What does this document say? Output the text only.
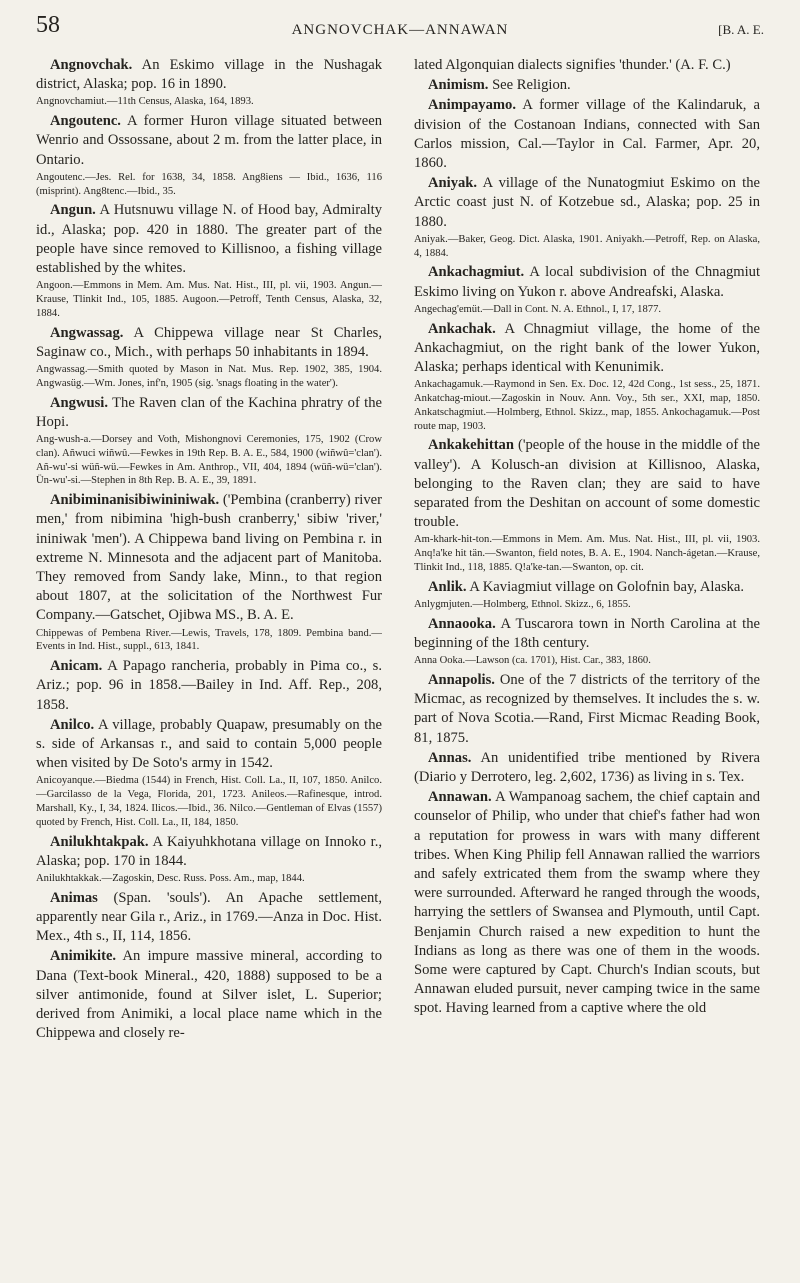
58	ANGNOVCHAK—ANNAWAN	[B. A. E.

Angnovchak. An Eskimo village in the Nushagak district, Alaska; pop. 16 in 1890.

Angnovchamiut.—11th Census, Alaska, 164, 1893.

Angoutenc. A former Huron village situated between Wenrio and Ossossane, about 2 m. from the latter place, in Ontario.

Angoutenc.—Jes. Rel. for 1638, 34, 1858. Ang8iens — Ibid., 1636, 116 (misprint). Ang8tenc.—Ibid., 35.

Angun. A Hutsnuwu village N. of Hood bay, Admiralty id., Alaska; pop. 420 in 1880. The greater part of the people have since removed to Killisnoo, a fishing village established by the whites.

Angoon.—Emmons in Mem. Am. Mus. Nat. Hist., III, pl. vii, 1903. Angun.—Krause, Tlinkit Ind., 105, 1885. Augoon.—Petroff, Tenth Census, Alaska, 32, 1884.

Angwassag. A Chippewa village near St Charles, Saginaw co., Mich., with perhaps 50 inhabitants in 1894.

Angwassag.—Smith quoted by Mason in Nat. Mus. Rep. 1902, 385, 1904. Angwasüg.—Wm. Jones, inf'n, 1905 (sig. 'snags floating in the water').

Angwusi. The Raven clan of the Kachina phratry of the Hopi.

Ang-wush-a.—Dorsey and Voth, Mishongnovi Ceremonies, 175, 1902 (Crow clan). Añwuci wiñwû.—Fewkes in 19th Rep. B. A. E., 584, 1900 (wiñwû='clan'). Añ-wu'-si wüñ-wü.—Fewkes in Am. Anthrop., VII, 404, 1894 (wüñ-wü='clan'). Ün-wu'-si.—Stephen in 8th Rep. B. A. E., 39, 1891.

Anibiminanisibiwininiwak. ('Pembina (cranberry) river men,' from nibimina 'high-bush cranberry,' sibiw 'river,' ininiwak 'men'). A Chippewa band living on Pembina r. in extreme N. Minnesota and the adjacent part of Manitoba. They removed from Sandy lake, Minn., to that region about 1807, at the solicitation of the Northwest Fur Company.—Gatschet, Ojibwa MS., B. A. E.

Chippewas of Pembena River.—Lewis, Travels, 178, 1809. Pembina band.—Events in Ind. Hist., suppl., 613, 1841.

Anicam. A Papago rancheria, probably in Pima co., s. Ariz.; pop. 96 in 1858.—Bailey in Ind. Aff. Rep., 208, 1858.

Anilco. A village, probably Quapaw, presumably on the s. side of Arkansas r., and said to contain 5,000 people when visited by De Soto's army in 1542.

Anicoyanque.—Biedma (1544) in French, Hist. Coll. La., II, 107, 1850. Anilco.—Garcilasso de la Vega, Florida, 201, 1723. Anileos.—Rafinesque, introd. Marshall, Ky., I, 34, 1824. Ilicos.—Ibid., 36. Nilco.—Gentleman of Elvas (1557) quoted by French, Hist. Coll. La., II, 184, 1850.

Anilukhtakpak. A Kaiyuhkhotana village on Innoko r., Alaska; pop. 170 in 1844.

Anilukhtakkak.—Zagoskin, Desc. Russ. Poss. Am., map, 1844.

Animas (Span. 'souls'). An Apache settlement, apparently near Gila r., Ariz., in 1769.—Anza in Doc. Hist. Mex., 4th s., II, 114, 1856.

Animikite. An impure massive mineral, according to Dana (Text-book Mineral., 420, 1888) supposed to be a silver antimonide, found at Silver islet, L. Superior; derived from Animiki, a local place name which in the Chippewa and closely re-

lated Algonquian dialects signifies 'thunder.' (A. F. C.)

Animism. See Religion.

Animpayamo. A former village of the Kalindaruk, a division of the Costanoan Indians, connected with San Carlos mission, Cal.—Taylor in Cal. Farmer, Apr. 20, 1860.

Aniyak. A village of the Nunatogmiut Eskimo on the Arctic coast just N. of Kotzebue sd., Alaska; pop. 25 in 1880.

Aniyak.—Baker, Geog. Dict. Alaska, 1901. Aniyakh.—Petroff, Rep. on Alaska, 4, 1884.

Ankachagmiut. A local subdivision of the Chnagmiut Eskimo living on Yukon r. above Andreafski, Alaska.

Angechag'emüt.—Dall in Cont. N. A. Ethnol., I, 17, 1877.

Ankachak. A Chnagmiut village, the home of the Ankachagmiut, on the right bank of the lower Yukon, Alaska; perhaps identical with Kenunimik.

Ankachagamuk.—Raymond in Sen. Ex. Doc. 12, 42d Cong., 1st sess., 25, 1871. Ankatchag-miout.—Zagoskin in Nouv. Ann. Voy., 5th ser., XXI, map, 1850. Ankatschagmiut.—Holmberg, Ethnol. Skizz., map, 1855. Ankochagamuk.—Post route map, 1903.

Ankakehittan ('people of the house in the middle of the valley'). A Kolusch-an division at Killisnoo, Alaska, belonging to the Raven clan; they are said to have separated from the Deshitan on account of some domestic trouble.

Am-khark-hit-ton.—Emmons in Mem. Am. Mus. Nat. Hist., III, pl. vii, 1903. Anq!a'ke hit tän.—Swanton, field notes, B. A. E., 1904. Nanch-ágetan.—Krause, Tlinkit Ind., 118, 1885. Q!a'ke-tan.—Swanton, op. cit.

Anlik. A Kaviagmiut village on Golofnin bay, Alaska.

Anlygmjuten.—Holmberg, Ethnol. Skizz., 6, 1855.

Annaooka. A Tuscarora town in North Carolina at the beginning of the 18th century.

Anna Ooka.—Lawson (ca. 1701), Hist. Car., 383, 1860.

Annapolis. One of the 7 districts of the territory of the Micmac, as recognized by themselves. It includes the s. w. part of Nova Scotia.—Rand, First Micmac Reading Book, 81, 1875.

Annas. An unidentified tribe mentioned by Rivera (Diario y Derrotero, leg. 2,602, 1736) as living in s. Tex.

Annawan. A Wampanoag sachem, the chief captain and counselor of Philip, who under that chief's father had won a reputation for prowess in wars with many different tribes. When King Philip fell Annawan rallied the warriors and safely extricated them from the swamp where they were surrounded. Afterward he ranged through the woods, harrying the settlers of Swansea and Plymouth, until Capt. Benjamin Church raised a new expedition to hunt the Indians as long as there was one of them in the woods. Some were captured by Capt. Church's Indian scouts, but Annawan eluded pursuit, never camping twice in the same spot. Having learned from a captive where the old
